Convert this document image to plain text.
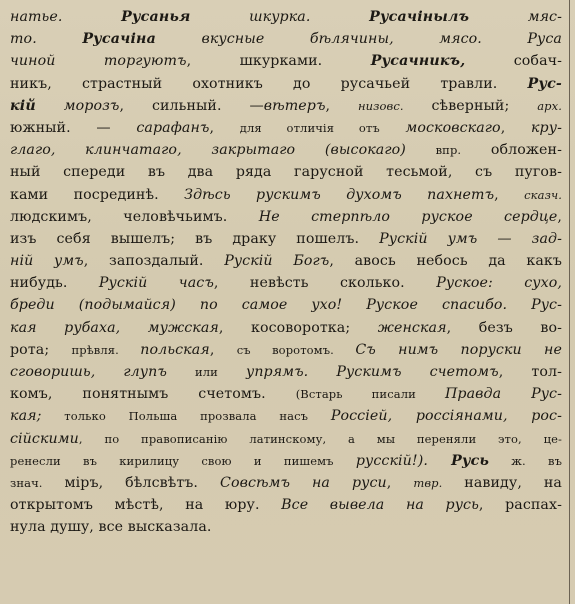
натье. Русанья шкурка. Русачiнылъ мяс-
то. Русачiна вкусные бѣлячины, мясо. Руса
чиной торгуютъ, шкурками. Русачникъ, собач-
никъ, страстный охотникъ до русачьей травли. Рус-
кiй морозъ, сильный. —вѣтеръ, низовс. сѣверный; арх.
южный. — сарафанъ, для отличiя отъ московскаго, кру-
глаго, клинчатаго, закрытаго (высокаго)	впр. обложен-
ный спереди въ два ряда гарусной тесьмой, съ пугов-
ками посрединѣ. Здѣсь рускимъ духомъ пахнетъ, сказч.
людскимъ, человѣчьимъ. Не стерпѣло руское сердце,
изъ себя вышелъ; въ драку пошелъ. Рускiй умъ — зад-
нiй умъ, запоздалый. Рускiй Богъ, авось небось да какъ
нибудь. Рускiй часъ, невѣсть сколько. Руское: сухо,
бреди (подымайся) по самое ухо! Руское спасибо. Рус-
кая рубаха, мужская, косоворотка; женская, безъ во-
рота; прѣвля. польская, съ воротомъ. Съ нимъ поруски не
сговоришь, глупъ или упрямъ. Рускимъ счетомъ, тол-
комъ, понятнымъ счетомъ. (Встарь писали Правда Рус-
кая; только Польша прозвала насъ Россiей, россiянами, рос-
сiйскими, по правописанiю латинскому, а мы переняли это, це-
ренесли въ кирилицу свою и пишемъ русскiй!). Русь ж. въ
знач. мiръ, бѣлсвѣтъ. Совсѣмъ на руси, твр. навиду, на
открытомъ мѣстѣ, на юру. Все вывела на русь, распах-
нула душу, все высказала.
